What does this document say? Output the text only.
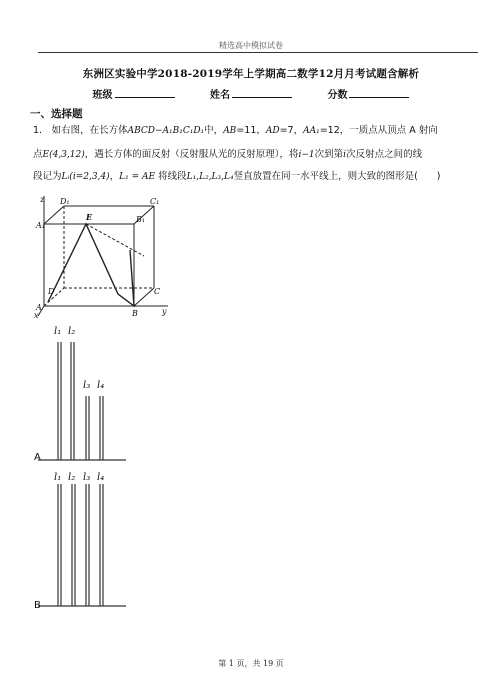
精选高中模拟试卷
东洲区实验中学2018-2019学年上学期高二数学12月月考试题含解析
班级	姓名	分数
一、选择题
1． 如右图，在长方体ABCD−A₁B₁C₁D₁中，AB=11，AD=7，AA₁=12，一质点从顶点 A 射向
点E(4,3,12)，遇长方体的面反射（反射服从光的反射原理），将i−1次到第i次反射点之间的线
段记为Lᵢ(i=2,3,4)，L₁ = AE 将线段L₁,L₂,L₃,L₄竖直放置在同一水平线上，则大致的图形是(　　)
D₁	C₁
A₁
B₁
E
D	C
A
B
z
y
x
l₁ l₂
l₃ l₄
A
l₁ l₂ l₃ l₄
B
第 1 页，共 19 页
